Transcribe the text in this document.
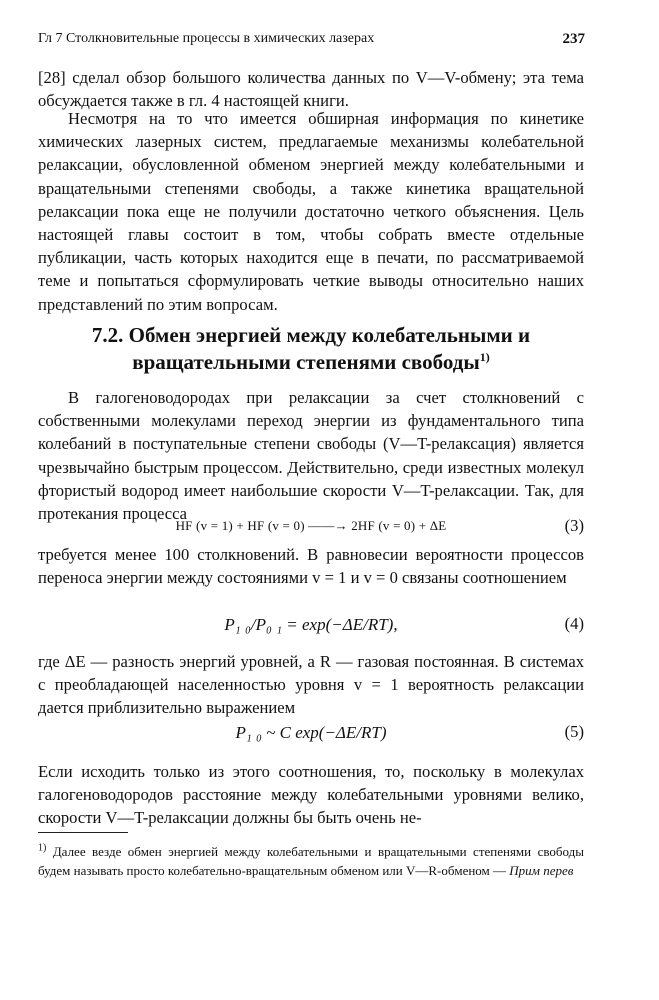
Гл 7 Столкновительные процессы в химических лазерах	237

[28] сделал обзор большого количества данных по V—V-обмену; эта тема обсуждается также в гл. 4 настоящей книги.

Несмотря на то что имеется обширная информация по кинетике химических лазерных систем, предлагаемые механизмы колебательной релаксации, обусловленной обменом энергией между колебательными и вращательными степенями свободы, а также кинетика вращательной релаксации пока еще не получили достаточно четкого объяснения. Цель настоящей главы состоит в том, чтобы собрать вместе отдельные публикации, часть которых находится еще в печати, по рассматриваемой теме и попытаться сформулировать четкие выводы относительно наших представлений по этим вопросам.

7.2. Обмен энергией между колебательными и вращательными степенями свободы$^{1)}$

В галогеноводородах при релаксации за счет столкновений с собственными молекулами переход энергии из фундаментального типа колебаний в поступательные степени свободы (V—T-релаксация) является чрезвычайно быстрым процессом. Действительно, среди известных молекул фтористый водород имеет наибольшие скорости V—T-релаксации. Так, для протекания процесса

HF (v = 1) + HF (v = 0) ——→ 2HF (v = 0) + ΔE	(3)

требуется менее 100 столкновений. В равновесии вероятности процессов переноса энергии между состояниями v = 1 и v = 0 связаны соотношением

P₁ ₀/P₀ ₁ = exp(−ΔE/RT),	(4)

где ΔE — разность энергий уровней, а R — газовая постоянная. В системах с преобладающей населенностью уровня v = 1 вероятность релаксации дается приблизительно выражением

P₁ ₀ ~ C exp(−ΔE/RT)	(5)

Если исходить только из этого соотношения, то, поскольку в молекулах галогеноводородов расстояние между колебательными уровнями велико, скорости V—T-релаксации должны бы быть очень не-

$^{1)}$ Далее везде обмен энергией между колебательными и вращательными степенями свободы будем называть просто колебательно-вращательным обменом или V—R-обменом — Прим перев
